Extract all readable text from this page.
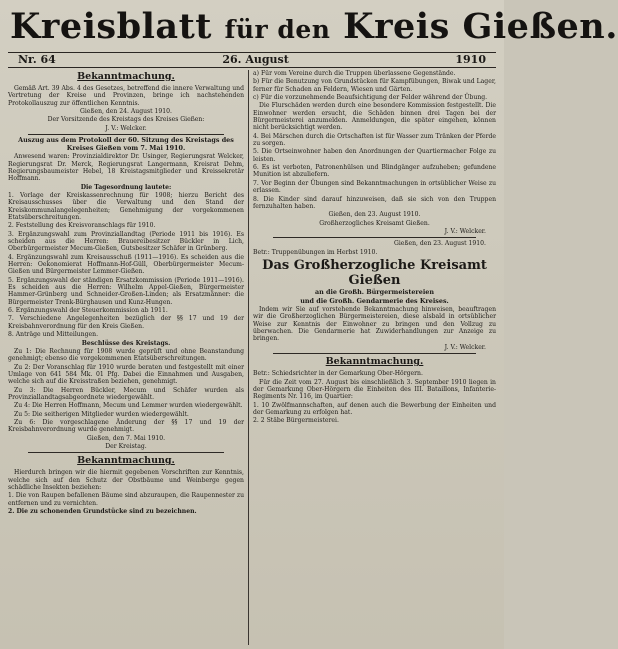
Kreisblatt für den Kreis Gießen.
Nr. 64	26. August	1910
Bekanntmachung.

Gemäß Art. 39 Abs. 4 des Gesetzes, betreffend die innere Verwaltung und Vertretung der Kreise und Provinzen, bringe ich nachstehenden Protokollauszug zur öffentlichen Kenntnis.

Gießen, den 24. August 1910.

Der Vorsitzende des Kreistags des Kreises Gießen:

J. V.: Welcker.

Auszug aus dem Protokoll der 60. Sitzung des Kreistags des Kreises Gießen vom 7. Mai 1910.

Anwesend waren: Provinzialdirektor Dr. Usinger, Regierungsrat Welcker, Regierungsrat Dr. Merck, Regierungsrat Langermann, Kreisrat Dehm, Regierungsbaumeister Hebel, 18 Kreistagsmitglieder und Kreissekretär Hoffmann.

Die Tagesordnung lautete:

1. Vorlage der Kreiskassenrechnung für 1908; hierzu Bericht des Kreisausschusses über die Verwaltung und den Stand der Kreiskommunalangelegenheiten; Genehmigung der vorgekommenen Etatsüberschreitungen.

2. Feststellung des Kreisvoranschlags für 1910.

3. Ergänzungswahl zum Provinziallandtag (Periode 1911 bis 1916). Es scheiden aus die Herren: Brauereibesitzer Bückler in Lich, Oberbürgermeister Mecum-Gießen, Gutsbesitzer Schäfer in Grünberg.

4. Ergänzungswahl zum Kreisausschuß (1911—1916). Es scheiden aus die Herren: Oekonomierat Hoffmann-Hof-Güll, Oberbürgermeister Mecum-Gießen und Bürgermeister Lemmer-Gießen.

5. Ergänzungswahl der ständigen Ersatzkommission (Periode 1911—1916). Es scheiden aus die Herren: Wilhelm Appel-Gießen, Bürgermeister Hammer-Grünberg und Schneider-Großen-Linden; als Ersatzmänner: die Bürgermeister Trenk-Bürghausen und Kunz-Hungen.

6. Ergänzungswahl der Steuerkommission ab 1911.

7. Verschiedene Angelegenheiten bezüglich der §§ 17 und 19 der Kreisbahnverordnung für den Kreis Gießen.

8. Anträge und Mitteilungen.

Beschlüsse des Kreistags.

Zu 1: Die Rechnung für 1908 wurde geprüft und ohne Beanstandung genehmigt; ebenso die vorgekommenen Etatsüberschreitungen.

Zu 2: Der Voranschlag für 1910 wurde beraten und festgestellt mit einer Umlage von 641 584 Mk. 01 Pfg. Dabei die Einnahmen und Ausgaben, welche sich auf die Kreisstraßen beziehen, genehmigt.

Zu 3: Die Herren Bückler, Mecum und Schäfer wurden als Provinziallandtagsabgeordnete wiedergewählt.

Zu 4: Die Herren Hoffmann, Mecum und Lemmer wurden wiedergewählt.

Zu 5: Die seitherigen Mitglieder wurden wiedergewählt.

Zu 6: Die vorgeschlagene Änderung der §§ 17 und 19 der Kreisbahnverordnung wurde genehmigt.

Gießen, den 7. Mai 1910.

Der Kreistag.

Bekanntmachung.

Hierdurch bringen wir die hiermit gegebenen Vorschriften zur Kenntnis, welche sich auf den Schutz der Obstbäume und Weinberge gegen schädliche Insekten beziehen:

1. Die von Raupen befallenen Bäume sind abzuraupen, die Raupennester zu entfernen und zu vernichten.

2. Die zu schonenden Grundstücke sind zu bezeichnen.

a) Für vom Vereine durch die Truppen überlassene Gegenstände.

b) Für die Benutzung von Grundstücken für Kampfübungen, Biwak und Lager, ferner für Schaden an Feldern, Wiesen und Gärten.

c) Für die vorzunehmende Beaufsichtigung der Felder während der Übung.

Die Flurschäden werden durch eine besondere Kommission festgestellt. Die Einwohner werden ersucht, die Schäden binnen drei Tagen bei der Bürgermeisterei anzumelden. Anmeldungen, die später eingehen, können nicht berücksichtigt werden.

4. Bei Märschen durch die Ortschaften ist für Wasser zum Tränken der Pferde zu sorgen.

5. Die Ortseinwohner haben den Anordnungen der Quartiermacher Folge zu leisten.

6. Es ist verboten, Patronenhülsen und Blindgänger aufzuheben; gefundene Munition ist abzuliefern.

7. Vor Beginn der Übungen sind Bekanntmachungen in ortsüblicher Weise zu erlassen.

8. Die Kinder sind darauf hinzuweisen, daß sie sich von den Truppen fernzuhalten haben.

Gießen, den 23. August 1910.

Großherzogliches Kreisamt Gießen.

J. V.: Welcker.

Gießen, den 23. August 1910.

Betr.: Truppenübungen im Herbst 1910.

Das Großherzogliche Kreisamt Gießen

an die Großh. Bürgermeistereien

und die Großh. Gendarmerie des Kreises.

Indem wir Sie auf vorstehende Bekanntmachung hinweisen, beauftragen wir die Großherzoglichen Bürgermeistereien, diese alsbald in ortsüblicher Weise zur Kenntnis der Einwohner zu bringen und den Vollzug zu überwachen. Die Gendarmerie hat Zuwiderhandlungen zur Anzeige zu bringen.

J. V.: Welcker.

Bekanntmachung.

Betr.: Schiedsrichter in der Gemarkung Ober-Hörgern.

Für die Zeit vom 27. August bis einschließlich 3. September 1910 liegen in der Gemarkung Ober-Hörgern die Einheiten des III. Bataillons, Infanterie-Regiments Nr. 116, im Quartier:

1. 10 Zwölfmannschaften, auf denen auch die Bewerbung der Einheiten und der Gemarkung zu erfolgen hat.

2. 2 Stäbe Bürgermeisterei.
